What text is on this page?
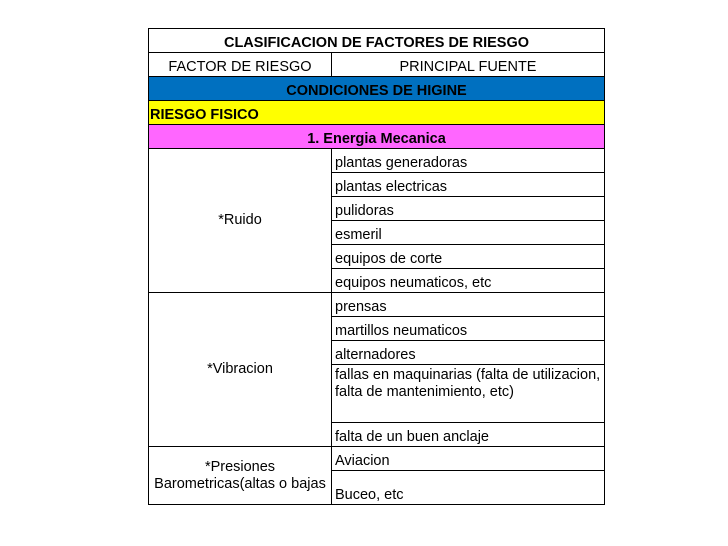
CLASIFICACION DE FACTORES DE RIESGO	
FACTOR DE RIESGO	PRINCIPAL FUENTE
CONDICIONES DE HIGINE	
RIESGO FISICO	
1. Energia Mecanica	
*Ruido	plantas generadoras
	plantas electricas
	pulidoras
	esmeril
	equipos de corte
	equipos neumaticos, etc
*Vibracion	prensas
	martillos neumaticos
	alternadores
	fallas en maquinarias (falta de utilizacion, falta de mantenimiento, etc)
	falta de un buen anclaje
*Presiones Barometricas(altas o bajas	Aviacion
	Buceo, etc
